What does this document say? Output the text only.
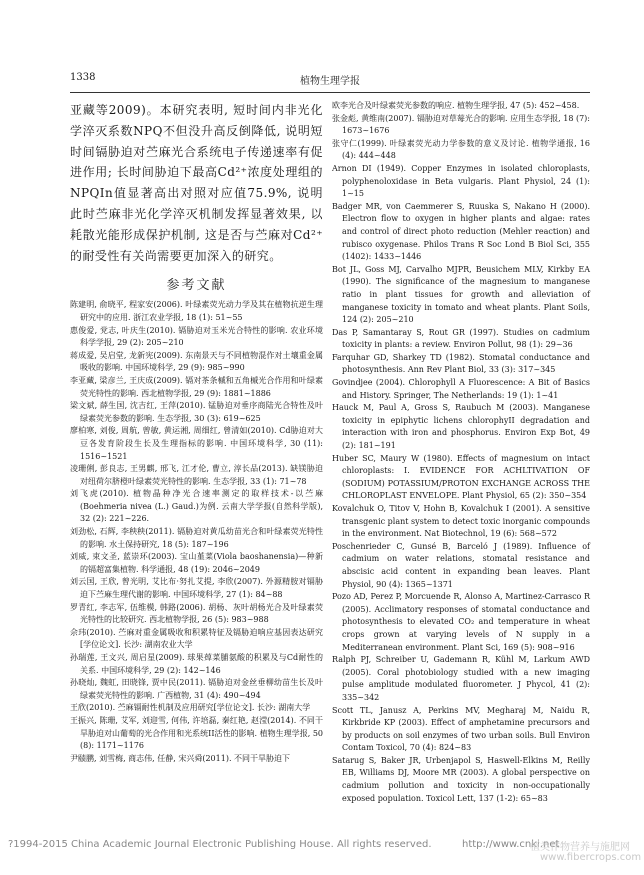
1338	植物生理学报

亚藏等2009)。本研究表明, 短时间内非光化学淬灭系数NPQ不但没升高反倒降低, 说明短时间镉胁迫对苎麻光合系统电子传递速率有促进作用; 长时间胁迫下最高Cd²⁺浓度处理组的NPQIn值显著高出对照对应值75.9%, 说明此时苎麻非光化学淬灭机制发挥显著效果, 以耗散光能形成保护机制, 这是否与苎麻对Cd²⁺的耐受性有关尚需要更加深入的研究。

参考文献

陈建明, 俞晓平, 程家安(2006). 叶绿素荧光动力学及其在植物抗逆生理研究中的应用. 浙江农业学报, 18 (1): 51~55

惠俊爱, 党志, 叶庆生(2010). 镉胁迫对玉米光合特性的影响. 农业环境科学学报, 29 (2): 205~210

蒋成爱, 吴启堂, 龙新宪(2009). 东南景天与不同植物混作对土壤重金属吸收的影响. 中国环境科学, 29 (9): 985~990

李亚藏, 梁彦兰, 王庆成(2009). 镉对茶条槭和五角槭光合作用和叶绿素荧光特性的影响. 西北植物学报, 29 (9): 1881~1886

梁文斌, 薛生国, 沈吉红, 王萍(2010). 锰胁迫对垂序商陆光合特性及叶绿素荧光参数的影响. 生态学报, 30 (3): 619~625

廖柏寒, 刘俊, 周航, 曾敏, 黄运湘, 周细红, 曾清如(2010). Cd胁迫对大豆各发育阶段生长及生理指标的影响. 中国环境科学, 30 (11): 1516~1521

凌珊俐, 彭良志, 王男麒, 邢飞, 江才伦, 曹立, 淳长品(2013). 缺镁胁迫对纽荷尔脐橙叶绿素荧光特性的影响. 生态学报, 33 (1): 71~78

刘飞虎(2010). 植物晶种净光合速率测定的取样技术-以苎麻(Boehmeria nivea (L.) Gaud.)为例. 云南大学学报(自然科学版), 32 (2): 221~226.

刘劲松, 石辉, 李秧秧(2011). 镉胁迫对黄瓜幼苗光合和叶绿素荧光特性的影响. 水土保持研究, 18 (5): 187~196

刘威, 束文圣, 蓝崇环(2003). 宝山堇菜(Viola baoshanensia)—种新的镉超富集植物. 科学通报, 48 (19): 2046~2049

刘云国, 王欣, 曾光明, 艾比布·努扎艾提, 李欣(2007). 外源精胺对镉胁迫下苎麻生理代谢的影响. 中国环境科学, 27 (1): 84~88

罗青红, 李志军, 伍维模, 韩路(2006). 胡杨、灰叶胡杨光合及叶绿素荧光特性的比较研究. 西北植物学报, 26 (5): 983~988

佘玮(2010). 苎麻对重金属吸收和积累特征及镉胁迫响应基因表达研究[学位论文]. 长沙: 湖南农业大学

孙瑞莲, 王文兴, 周启星(2009). 球果蔊菜脯氨酸的积累及与Cd耐性的关系. 中国环境科学, 29 (2): 142~146

孙晓灿, 魏虹, 田晓锋, 贾中民(2011). 镉胁迫对金丝垂柳幼苗生长及叶绿素荧光特性的影响. 广西植物, 31 (4): 490~494

王欣(2010). 苎麻镉耐性机制及应用研究[学位论文]. 长沙: 湖南大学

王振兴, 陈珊, 艾军, 刘迎雪, 何伟, 许培磊, 秦红艳, 赵滢(2014). 不同干旱胁迫对山葡萄的光合作用和光系统II活性的影响. 植物生理学报, 50 (8): 1171~1176

尹赜鹏, 刘雪梅, 商志伟, 任静, 宋兴舜(2011). 不同干旱胁迫下

欧李光合及叶绿素荧光参数的响应. 植物生理学报, 47 (5): 452~458.

张金彪, 黄维南(2007). 镉胁迫对草莓光合的影响. 应用生态学报, 18 (7): 1673~1676

张守仁(1999). 叶绿素荧光动力学参数的意义及讨论. 植物学通报, 16 (4): 444~448

Arnon DI (1949). Copper Enzymes in isolated chloroplasts, polyphenoloxidase in Beta vulgaris. Plant Physiol, 24 (1): 1~15

Badger MR, von Caemmerer S, Ruuska S, Nakano H (2000). Electron flow to oxygen in higher plants and algae: rates and control of direct photo reduction (Mehler reaction) and rubisco oxygenase. Philos Trans R Soc Lond B Biol Sci, 355 (1402): 1433~1446

Bot JL, Goss MJ, Carvalho MJPR, Beusichem MLV, Kirkby EA (1990). The significance of the magnesium to manganese ratio in plant tissues for growth and alleviation of manganese toxicity in tomato and wheat plants. Plant Soils, 124 (2): 205~210

Das P, Samantaray S, Rout GR (1997). Studies on cadmium toxicity in plants: a review. Environ Pollut, 98 (1): 29~36

Farquhar GD, Sharkey TD (1982). Stomatal conductance and photosynthesis. Ann Rev Plant Biol, 33 (3): 317~345

Govindjee (2004). Chlorophyll A Fluorescence: A Bit of Basics and History. Springer, The Netherlands: 19 (1): 1~41

Hauck M, Paul A, Gross S, Raubuch M (2003). Manganese toxicity in epiphytic lichens chlorophyII degradation and interaction with iron and phosphorus. Environ Exp Bot, 49 (2): 181~191

Huber SC, Maury W (1980). Effects of magnesium on intact chloroplasts: I. EVIDENCE FOR ACHLTIVATION OF (SODIUM) POTASSIUM/PROTON EXCHANGE ACROSS THE CHLOROPLAST ENVELOPE. Plant Physiol, 65 (2): 350~354

Kovalchuk O, Titov V, Hohn B, Kovalchuk I (2001). A sensitive transgenic plant system to detect toxic inorganic compounds in the environment. Nat Biotechnol, 19 (6): 568~572

Poschenrieder C, Gunsé B, Barceló J (1989). Influence of cadmium on water relations, stomatal resistance and abscisic acid content in expanding bean leaves. Plant Physiol, 90 (4): 1365~1371

Pozo AD, Perez P, Morcuende R, Alonso A, Martinez-Carrasco R (2005). Acclimatory responses of stomatal conductance and photosynthesis to elevated CO₂ and temperature in wheat crops grown at varying levels of N supply in a Mediterranean environment. Plant Sci, 169 (5): 908~916

Ralph PJ, Schreiber U, Gademann R, Kühl M, Larkum AWD (2005). Coral photobiology studied with a new imaging pulse amplitude modulated fluorometer. J Phycol, 41 (2): 335~342

Scott TL, Janusz A, Perkins MV, Megharaj M, Naidu R, Kirkbride KP (2003). Effect of amphetamine precursors and by products on soil enzymes of two urban soils. Bull Environ Contam Toxicol, 70 (4): 824~83

Satarug S, Baker JR, Urbenjapol S, Haswell-Elkins M, Reilly EB, Williams DJ, Moore MR (2003). A global perspective on cadmium pollution and toxicity in non-occupationally exposed population. Toxicol Lett, 137 (1-2): 65~83

?1994-2015 China Academic Journal Electronic Publishing House. All rights reserved.	http://www.cnki.net
植类作物营养与施肥网
www.fibercrops.com
